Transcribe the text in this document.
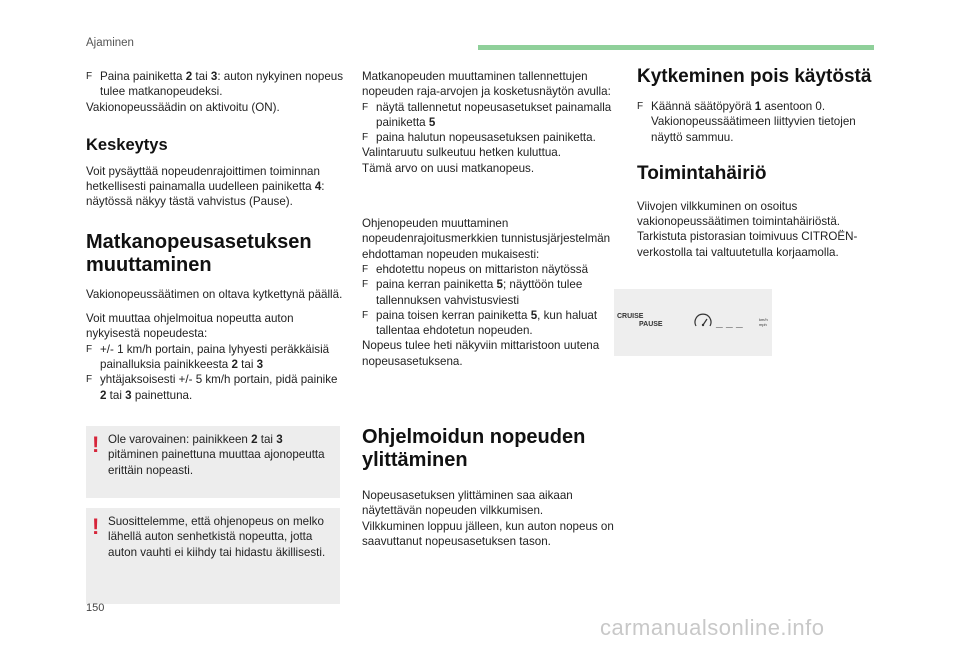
Ajaminen
F Paina painiketta 2 tai 3: auton nykyinen nopeus tulee matkanopeudeksi.

Vakionopeussäädin on aktivoitu (ON).

Keskeytys

Voit pysäyttää nopeudenrajoittimen toiminnan hetkellisesti painamalla uudelleen painiketta 4: näytössä näkyy tästä vahvistus (Pause).

Matkanopeusasetuksen muuttaminen

Vakionopeussäätimen on oltava kytkettynä päällä.

Voit muuttaa ohjelmoitua nopeutta auton nykyisestä nopeudesta:

F +/- 1 km/h portain, paina lyhyesti peräkkäisiä painalluksia painikkeesta 2 tai 3
F yhtäjaksoisesti +/- 5 km/h portain, pidä painike 2 tai 3 painettuna.
! Ole varovainen: painikkeen 2 tai 3 pitäminen painettuna muuttaa ajonopeutta erittäin nopeasti.
! Suosittelemme, että ohjenopeus on melko lähellä auton senhetkistä nopeutta, jotta auton vauhti ei kiihdy tai hidastu äkillisesti.

Matkanopeuden muuttaminen tallennettujen nopeuden raja-arvojen ja kosketusnäytön avulla:

F näytä tallennetut nopeusasetukset painamalla painiketta 5
F paina halutun nopeusasetuksen painiketta.

Valintaruutu sulkeutuu hetken kuluttua.

Tämä arvo on uusi matkanopeus.

Ohjenopeuden muuttaminen nopeudenrajoitusmerkkien tunnistusjärjestelmän ehdottaman nopeuden mukaisesti:

F ehdotettu nopeus on mittariston näytössä
F paina kerran painiketta 5; näyttöön tulee tallennuksen vahvistusviesti
F paina toisen kerran painiketta 5, kun haluat tallentaa ehdotetun nopeuden.

Nopeus tulee heti näkyviin mittaristoon uutena nopeusasetuksena.

Ohjelmoidun nopeuden ylittäminen

Nopeusasetuksen ylittäminen saa aikaan näytettävän nopeuden vilkkumisen.

Vilkkuminen loppuu jälleen, kun auton nopeus on saavuttanut nopeusasetuksen tason.

Kytkeminen pois käytöstä
F Käännä säätöpyörä 1 asentoon 0.

Vakionopeussäätimeen liittyvien tietojen näyttö sammuu.

Toimintahäiriö

Viivojen vilkkuminen on osoitus vakionopeussäätimen toimintahäiriöstä.

Tarkistuta pistorasian toimivuus CITROËN-verkostolla tai valtuutetulla korjaamolla.

CRUISE
PAUSE	_ _ _	km/h
mph
150
carmanualsonline.info
